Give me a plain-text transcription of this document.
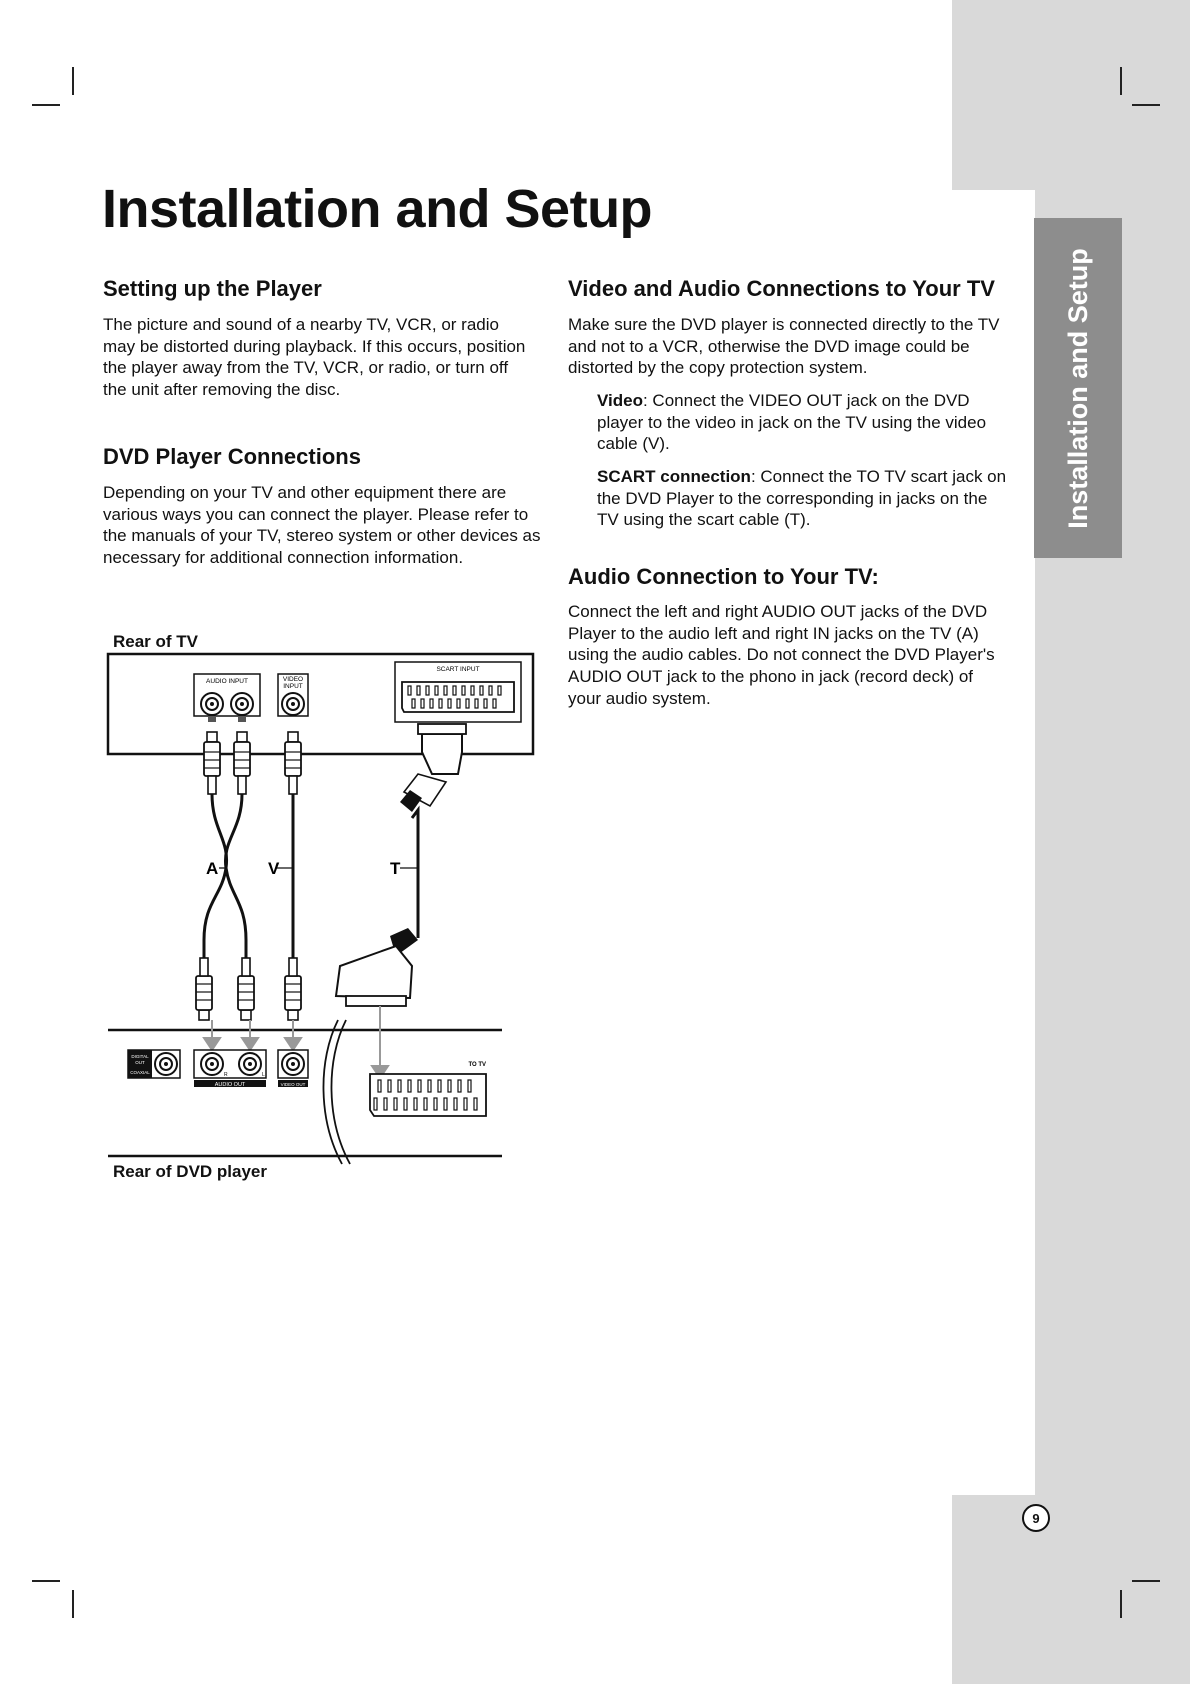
Installation and Setup
Installation and Setup
Setting up the Player

The picture and sound of a nearby TV, VCR, or radio may be distorted during playback. If this occurs, position the player away from the TV, VCR, or radio, or turn off the unit after removing the disc.

DVD Player Connections

Depending on your TV and other equipment there are various ways you can connect the player. Please refer to the manuals of your TV, stereo system or other devices as necessary for additional connection information.

Video and Audio Connections to Your TV

Make sure the DVD player is connected directly to the TV and not to a VCR, otherwise the DVD image could be distorted by the copy protection system.

Video: Connect the VIDEO OUT jack on the DVD player to the video in jack on the TV using the video cable (V).

SCART connection: Connect the TO TV scart jack on the DVD Player to the corresponding in jacks on the TV using the scart cable (T).

Audio Connection to Your TV:

Connect the left and right AUDIO OUT jacks of the DVD Player to the audio left and right IN jacks on the TV (A) using the audio cables. Do not connect the DVD Player's AUDIO OUT jack to the phono in jack (record deck) of your audio system.

Rear of TV

Rear of DVD player

AUDIO INPUT	VIDEO
INPUT
SCART INPUT
A	V	T
DIGITAL
OUT
COAXIAL	R	L
AUDIO OUT	VIDEO OUT
TO TV
9
